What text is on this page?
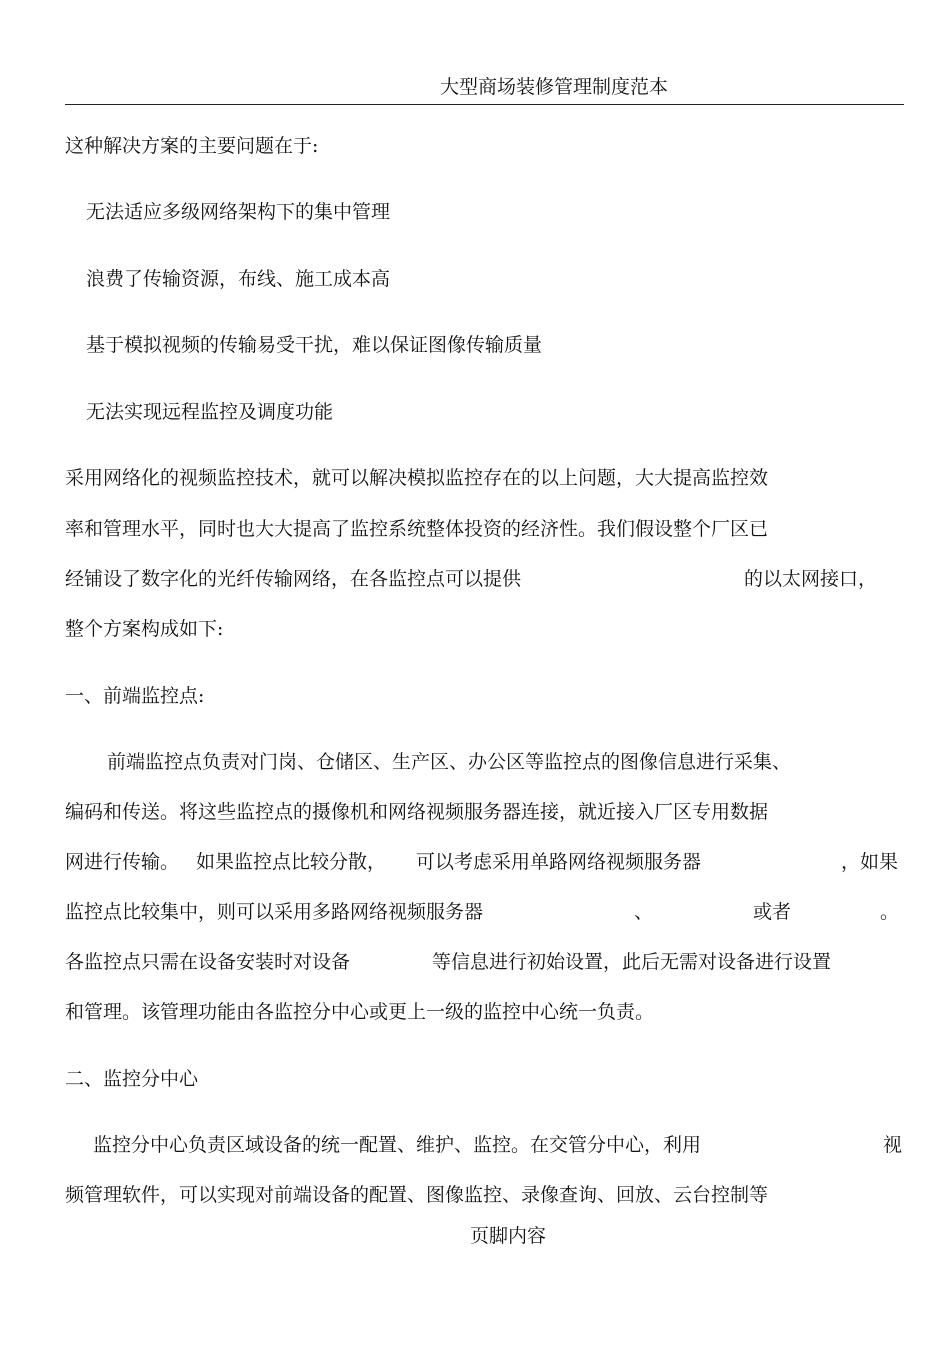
大型商场装修管理制度范本
这种解决方案的主要问题在于:
无法适应多级网络架构下的集中管理
浪费了传输资源，布线、施工成本高
基于模拟视频的传输易受干扰，难以保证图像传输质量
无法实现远程监控及调度功能
采用网络化的视频监控技术，就可以解决模拟监控存在的以上问题，大大提高监控效
率和管理水平，同时也大大提高了监控系统整体投资的经济性。我们假设整个厂区已
经铺设了数字化的光纤传输网络，在各监控点可以提供	的以太网接口，
整个方案构成如下:
一、前端监控点:
前端监控点负责对门岗、仓储区、生产区、办公区等监控点的图像信息进行采集、
编码和传送。将这些监控点的摄像机和网络视频服务器连接，就近接入厂区专用数据
网进行传输。 如果监控点比较分散， 可以考虑采用单路网络视频服务器	，如果
监控点比较集中，则可以采用多路网络视频服务器	、	或者	。
各监控点只需在设备安装时对设备	等信息进行初始设置，此后无需对设备进行设置
和管理。该管理功能由各监控分中心或更上一级的监控中心统一负责。
二、监控分中心
监控分中心负责区域设备的统一配置、维护、监控。在交管分中心，利用	视
频管理软件，可以实现对前端设备的配置、图像监控、录像查询、回放、云台控制等
页脚内容
